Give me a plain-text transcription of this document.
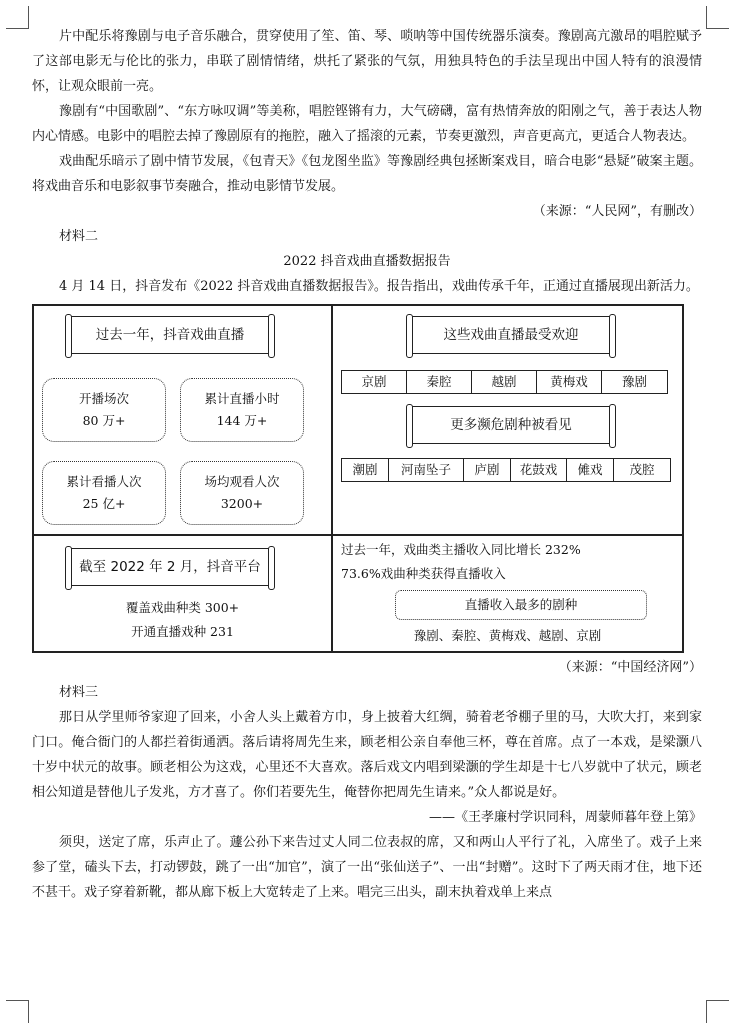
片中配乐将豫剧与电子音乐融合，贯穿使用了笙、笛、琴、唢呐等中国传统器乐演奏。豫剧高亢激昂的唱腔赋予了这部电影无与伦比的张力，串联了剧情情绪，烘托了紧张的气氛，用独具特色的手法呈现出中国人特有的浪漫情怀，让观众眼前一亮。

豫剧有“中国歌剧”、“东方咏叹调”等美称，唱腔铿锵有力，大气磅礴，富有热情奔放的阳刚之气，善于表达人物内心情感。电影中的唱腔去掉了豫剧原有的拖腔，融入了摇滚的元素，节奏更激烈，声音更高亢，更适合人物表达。

戏曲配乐暗示了剧中情节发展，《包青天》《包龙图坐监》等豫剧经典包拯断案戏目，暗合电影“悬疑”破案主题。将戏曲音乐和电影叙事节奏融合，推动电影情节发展。

（来源：“人民网”，有删改）

材料二

2022 抖音戏曲直播数据报告

4 月 14 日，抖音发布《2022 抖音戏曲直播数据报告》。报告指出，戏曲传承千年，正通过直播展现出新活力。

过去一年，抖音戏曲直播
开播场次
80 万+
累计直播小时
144 万+
累计看播人次
25 亿+
场均观看人次
3200+
这些戏曲直播最受欢迎
京剧	秦腔	越剧	黄梅戏	豫剧
更多濒危剧种被看见
潮剧	河南坠子	庐剧	花鼓戏	傩戏	茂腔
截至 2022 年 2 月，抖音平台
覆盖戏曲种类 300+
开通直播戏种 231
过去一年，戏曲类主播收入同比增长 232%
73.6%戏曲种类获得直播收入
直播收入最多的剧种
豫剧、秦腔、黄梅戏、越剧、京剧

（来源：“中国经济网”）

材料三

那日从学里师爷家迎了回来，小舍人头上戴着方巾，身上披着大红绸，骑着老爷棚子里的马，大吹大打，来到家门口。俺合衙门的人都拦着街通洒。落后请将周先生来，顾老相公亲自奉他三杯，尊在首席。点了一本戏，是梁灏八十岁中状元的故事。顾老相公为这戏，心里还不大喜欢。落后戏文内唱到梁灏的学生却是十七八岁就中了状元，顾老相公知道是替他儿子发兆，方才喜了。你们若要先生，俺替你把周先生请来。”众人都说是好。

——《王孝廉村学识同科，周蒙师暮年登上第》

须臾，送定了席，乐声止了。蘧公孙下来告过丈人同二位表叔的席，又和两山人平行了礼，入席坐了。戏子上来参了堂，磕头下去，打动锣鼓，跳了一出“加官”，演了一出“张仙送子”、一出“封赠”。这时下了两天雨才住，地下还不甚干。戏子穿着新靴，都从廊下板上大宽转走了上来。唱完三出头，副末执着戏单上来点
